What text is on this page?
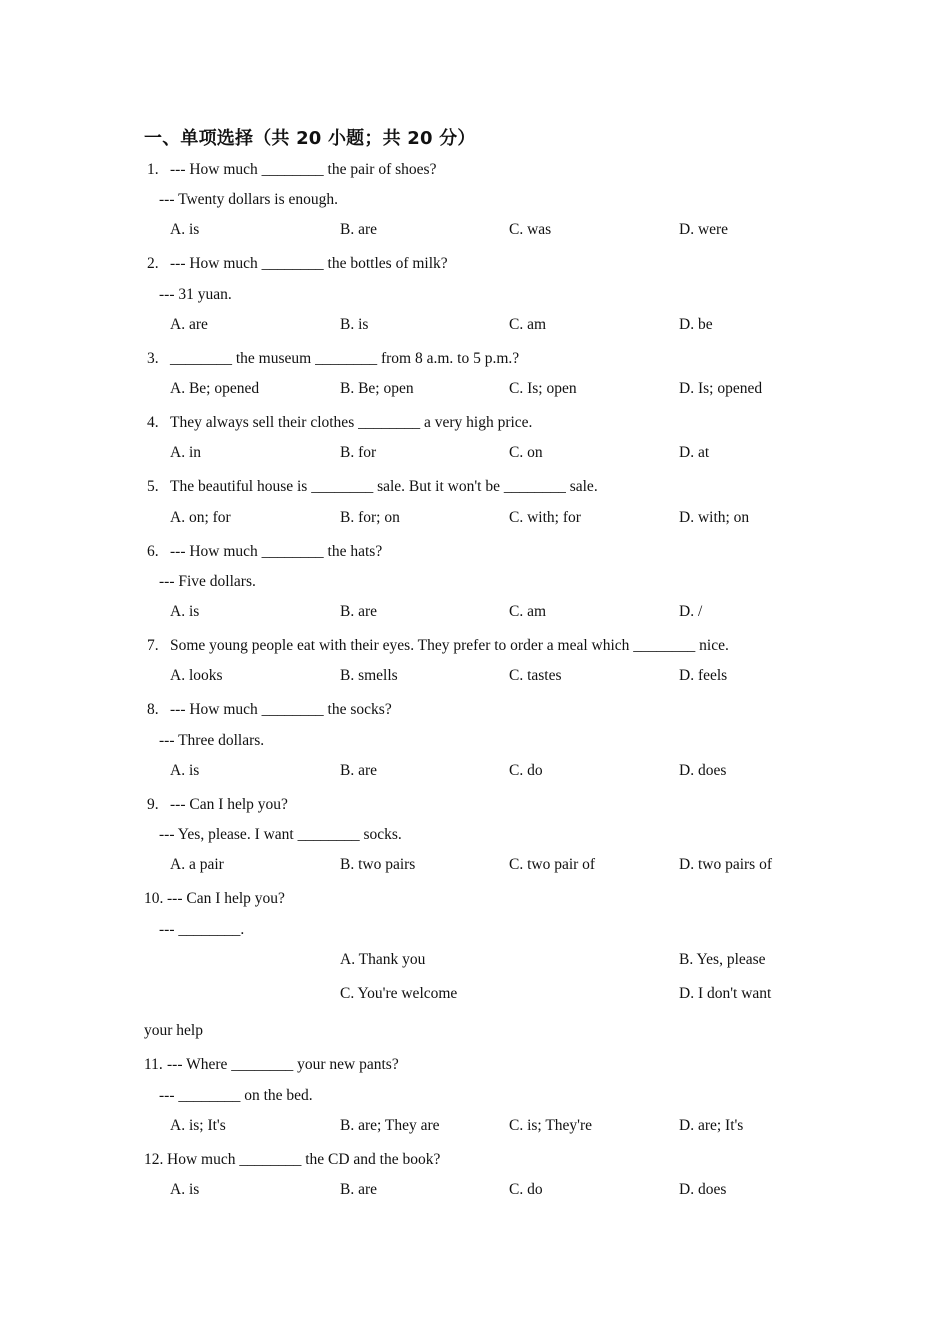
一、单项选择（共 20 小题；共 20 分）
1. --- How much ________ the pair of shoes?
--- Twenty dollars is enough.
A. is	B. are	C. was	D. were
2. --- How much ________ the bottles of milk?
--- 31 yuan.
A. are	B. is	C. am	D. be
3. ________ the museum ________ from 8 a.m. to 5 p.m.?
A. Be; opened	B. Be; open	C. Is; open	D. Is; opened
4. They always sell their clothes ________ a very high price.
A. in	B. for	C. on	D. at
5. The beautiful house is ________ sale. But it won't be ________ sale.
A. on; for	B. for; on	C. with; for	D. with; on
6. --- How much ________ the hats?
--- Five dollars.
A. is	B. are	C. am	D. /
7. Some young people eat with their eyes. They prefer to order a meal which ________ nice.
A. looks	B. smells	C. tastes	D. feels
8. --- How much ________ the socks?
--- Three dollars.
A. is	B. are	C. do	D. does
9. --- Can I help you?
--- Yes, please. I want ________ socks.
A. a pair	B. two pairs	C. two pair of	D. two pairs of
10. --- Can I help you?
--- ________.
A. Thank you	B. Yes, please
C. You're welcome	D. I don't want
your help
11. --- Where ________ your new pants?
--- ________ on the bed.
A. is; It's	B. are; They are	C. is; They're	D. are; It's
12. How much ________ the CD and the book?
A. is	B. are	C. do	D. does
